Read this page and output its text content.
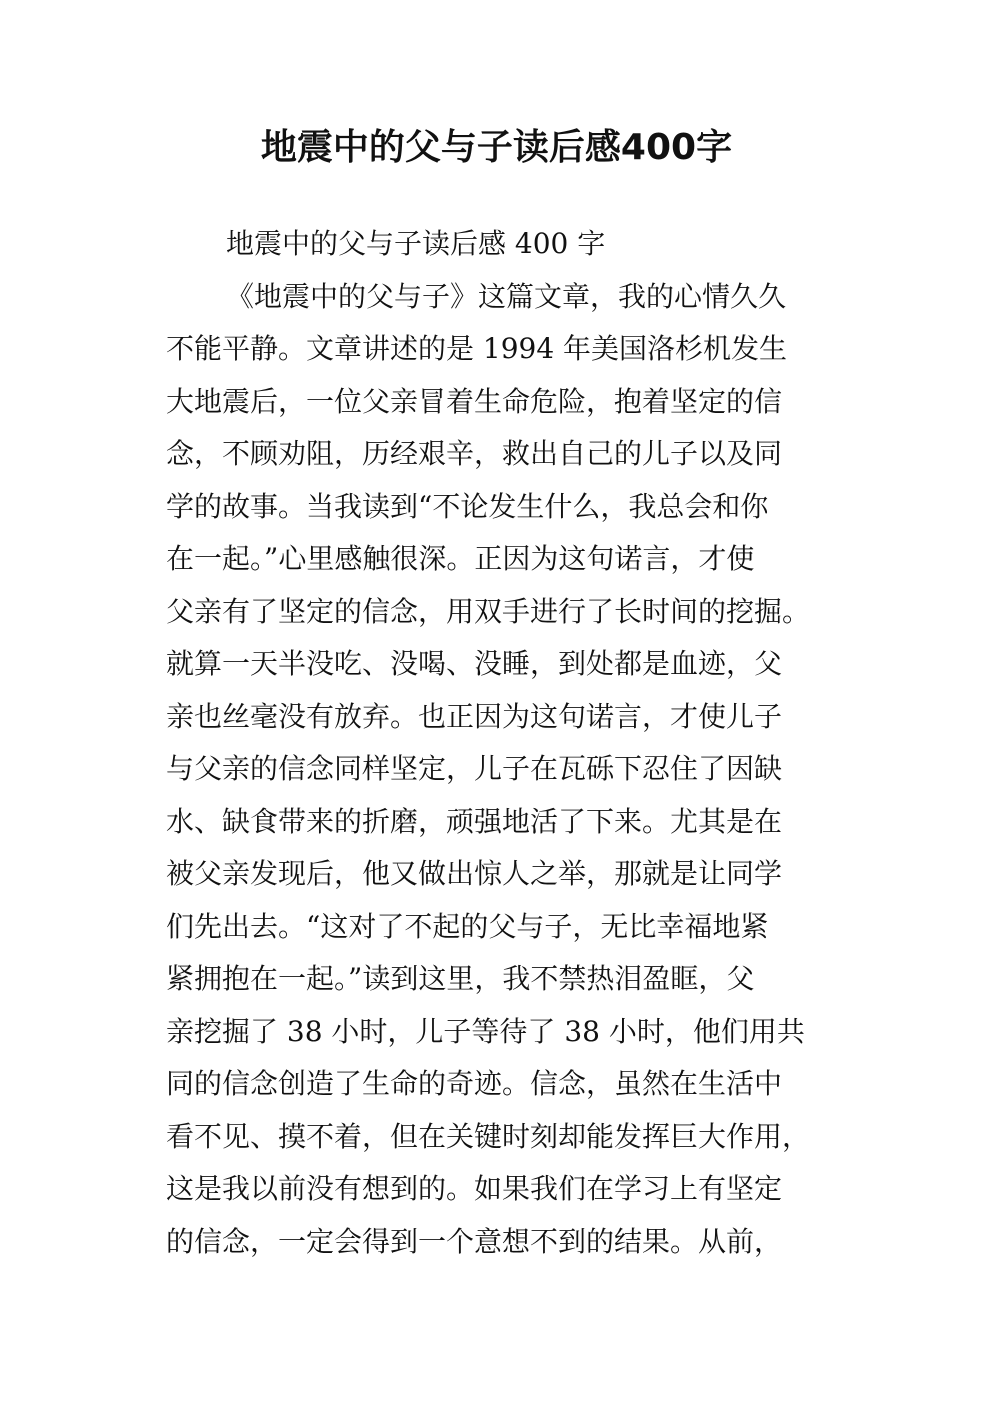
地震中的父与子读后感400字
地震中的父与子读后感 400 字
《地震中的父与子》这篇文章，我的心情久久
不能平静。文章讲述的是 1994 年美国洛杉机发生
大地震后，一位父亲冒着生命危险，抱着坚定的信
念，不顾劝阻，历经艰辛，救出自己的儿子以及同
学的故事。当我读到“不论发生什么，我总会和你
在一起。”心里感触很深。正因为这句诺言，才使
父亲有了坚定的信念，用双手进行了长时间的挖掘。
就算一天半没吃、没喝、没睡，到处都是血迹，父
亲也丝毫没有放弃。也正因为这句诺言，才使儿子
与父亲的信念同样坚定，儿子在瓦砾下忍住了因缺
水、缺食带来的折磨，顽强地活了下来。尤其是在
被父亲发现后，他又做出惊人之举，那就是让同学
们先出去。“这对了不起的父与子，无比幸福地紧
紧拥抱在一起。”读到这里，我不禁热泪盈眶，父
亲挖掘了 38 小时，儿子等待了 38 小时，他们用共
同的信念创造了生命的奇迹。信念，虽然在生活中
看不见、摸不着，但在关键时刻却能发挥巨大作用，
这是我以前没有想到的。如果我们在学习上有坚定
的信念，一定会得到一个意想不到的结果。从前，
